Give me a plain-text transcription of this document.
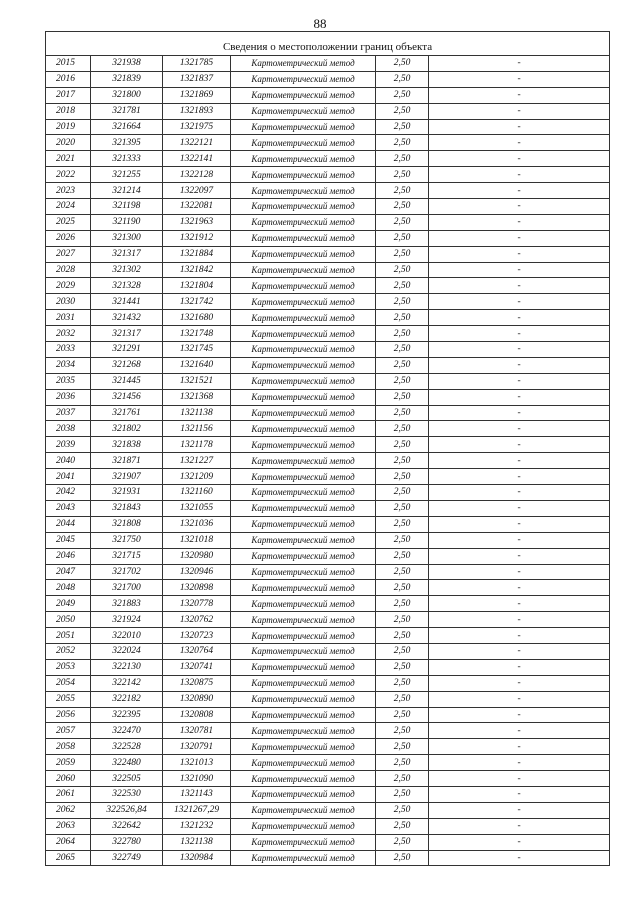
88

Сведения о местоположении границ объекта					
2015	321938	1321785	Картометрический метод	2,50	-
2016	321839	1321837	Картометрический метод	2,50	-
2017	321800	1321869	Картометрический метод	2,50	-
2018	321781	1321893	Картометрический метод	2,50	-
2019	321664	1321975	Картометрический метод	2,50	-
2020	321395	1322121	Картометрический метод	2,50	-
2021	321333	1322141	Картометрический метод	2,50	-
2022	321255	1322128	Картометрический метод	2,50	-
2023	321214	1322097	Картометрический метод	2,50	-
2024	321198	1322081	Картометрический метод	2,50	-
2025	321190	1321963	Картометрический метод	2,50	-
2026	321300	1321912	Картометрический метод	2,50	-
2027	321317	1321884	Картометрический метод	2,50	-
2028	321302	1321842	Картометрический метод	2,50	-
2029	321328	1321804	Картометрический метод	2,50	-
2030	321441	1321742	Картометрический метод	2,50	-
2031	321432	1321680	Картометрический метод	2,50	-
2032	321317	1321748	Картометрический метод	2,50	-
2033	321291	1321745	Картометрический метод	2,50	-
2034	321268	1321640	Картометрический метод	2,50	-
2035	321445	1321521	Картометрический метод	2,50	-
2036	321456	1321368	Картометрический метод	2,50	-
2037	321761	1321138	Картометрический метод	2,50	-
2038	321802	1321156	Картометрический метод	2,50	-
2039	321838	1321178	Картометрический метод	2,50	-
2040	321871	1321227	Картометрический метод	2,50	-
2041	321907	1321209	Картометрический метод	2,50	-
2042	321931	1321160	Картометрический метод	2,50	-
2043	321843	1321055	Картометрический метод	2,50	-
2044	321808	1321036	Картометрический метод	2,50	-
2045	321750	1321018	Картометрический метод	2,50	-
2046	321715	1320980	Картометрический метод	2,50	-
2047	321702	1320946	Картометрический метод	2,50	-
2048	321700	1320898	Картометрический метод	2,50	-
2049	321883	1320778	Картометрический метод	2,50	-
2050	321924	1320762	Картометрический метод	2,50	-
2051	322010	1320723	Картометрический метод	2,50	-
2052	322024	1320764	Картометрический метод	2,50	-
2053	322130	1320741	Картометрический метод	2,50	-
2054	322142	1320875	Картометрический метод	2,50	-
2055	322182	1320890	Картометрический метод	2,50	-
2056	322395	1320808	Картометрический метод	2,50	-
2057	322470	1320781	Картометрический метод	2,50	-
2058	322528	1320791	Картометрический метод	2,50	-
2059	322480	1321013	Картометрический метод	2,50	-
2060	322505	1321090	Картометрический метод	2,50	-
2061	322530	1321143	Картометрический метод	2,50	-
2062	322526,84	1321267,29	Картометрический метод	2,50	-
2063	322642	1321232	Картометрический метод	2,50	-
2064	322780	1321138	Картометрический метод	2,50	-
2065	322749	1320984	Картометрический метод	2,50	-
